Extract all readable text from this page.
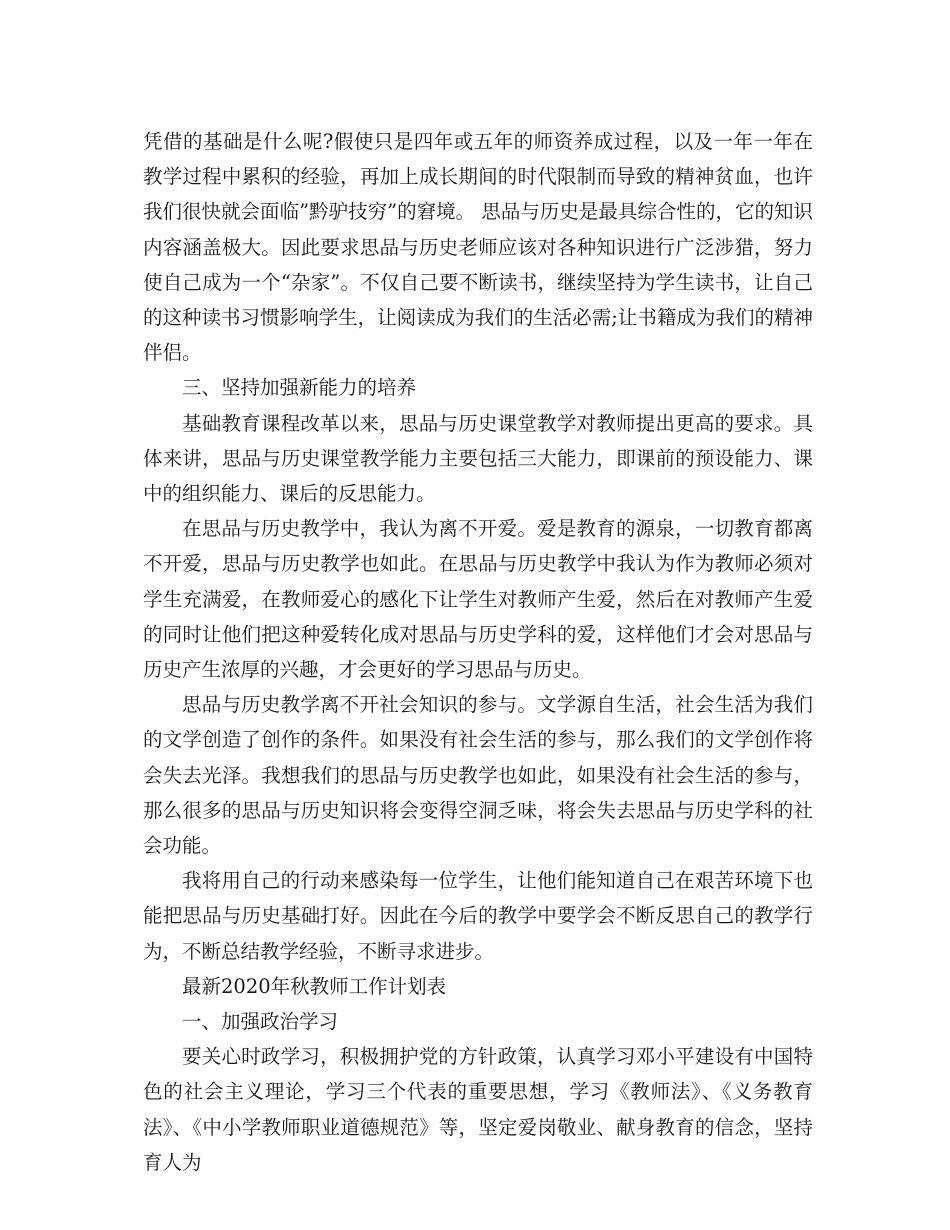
凭借的基础是什么呢?假使只是四年或五年的师资养成过程，以及一年一年在教学过程中累积的经验，再加上成长期间的时代限制而导致的精神贫血，也许我们很快就会面临”黔驴技穷”的窘境。 思品与历史是最具综合性的，它的知识内容涵盖极大。因此要求思品与历史老师应该对各种知识进行广泛涉猎，努力使自己成为一个“杂家”。不仅自己要不断读书，继续坚持为学生读书，让自己的这种读书习惯影响学生，让阅读成为我们的生活必需;让书籍成为我们的精神伴侣。

三、坚持加强新能力的培养

基础教育课程改革以来，思品与历史课堂教学对教师提出更高的要求。具体来讲，思品与历史课堂教学能力主要包括三大能力，即课前的预设能力、课中的组织能力、课后的反思能力。

在思品与历史教学中，我认为离不开爱。爱是教育的源泉，一切教育都离不开爱，思品与历史教学也如此。在思品与历史教学中我认为作为教师必须对学生充满爱，在教师爱心的感化下让学生对教师产生爱，然后在对教师产生爱的同时让他们把这种爱转化成对思品与历史学科的爱，这样他们才会对思品与历史产生浓厚的兴趣，才会更好的学习思品与历史。

思品与历史教学离不开社会知识的参与。文学源自生活，社会生活为我们的文学创造了创作的条件。如果没有社会生活的参与，那么我们的文学创作将会失去光泽。我想我们的思品与历史教学也如此，如果没有社会生活的参与，那么很多的思品与历史知识将会变得空洞乏味，将会失去思品与历史学科的社会功能。

我将用自己的行动来感染每一位学生，让他们能知道自己在艰苦环境下也能把思品与历史基础打好。因此在今后的教学中要学会不断反思自己的教学行为，不断总结教学经验，不断寻求进步。

最新2020年秋教师工作计划表

一、加强政治学习

要关心时政学习，积极拥护党的方针政策，认真学习邓小平建设有中国特色的社会主义理论，学习三个代表的重要思想，学习《教师法》、《义务教育法》、《中小学教师职业道德规范》等，坚定爱岗敬业、献身教育的信念，坚持育人为
